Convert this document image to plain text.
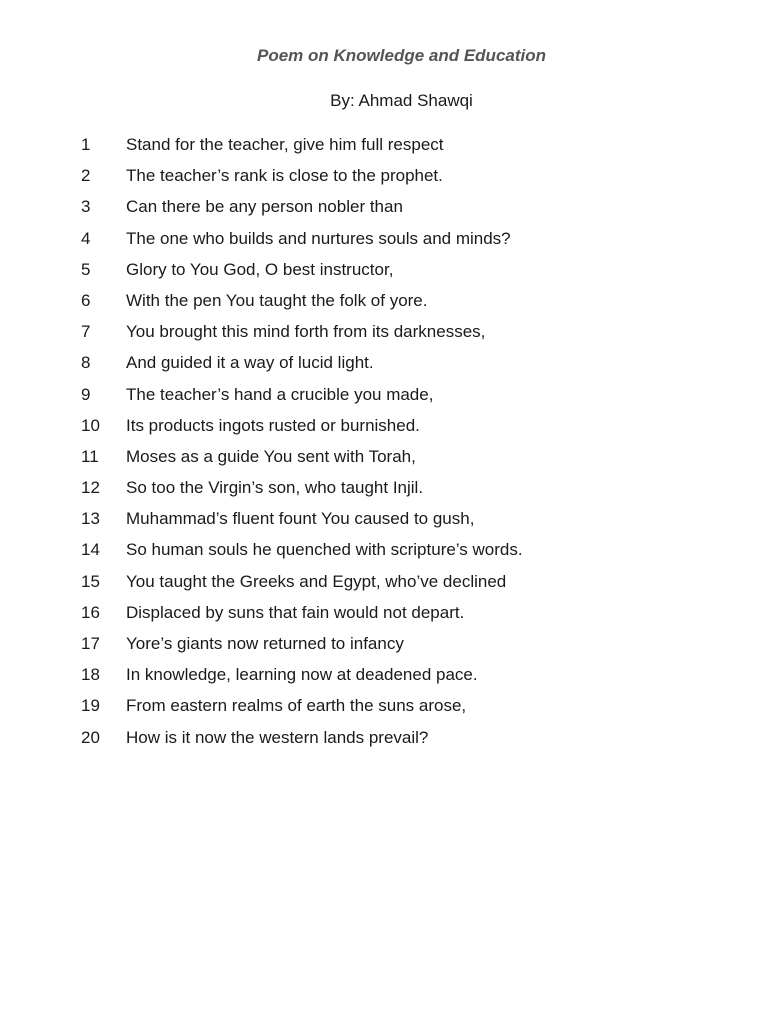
Poem on Knowledge and Education
By: Ahmad Shawqi
1 Stand for the teacher, give him full respect
2 The teacher’s rank is close to the prophet.
3 Can there be any person nobler than
4 The one who builds and nurtures souls and minds?
5 Glory to You God, O best instructor,
6 With the pen You taught the folk of yore.
7 You brought this mind forth from its darknesses,
8 And guided it a way of lucid light.
9 The teacher’s hand a crucible you made,
10 Its products ingots rusted or burnished.
11 Moses as a guide You sent with Torah,
12 So too the Virgin’s son, who taught Injil.
13 Muhammad’s fluent fount You caused to gush,
14 So human souls he quenched with scripture’s words.
15 You taught the Greeks and Egypt, who’ve declined
16 Displaced by suns that fain would not depart.
17 Yore’s giants now returned to infancy
18 In knowledge, learning now at deadened pace.
19 From eastern realms of earth the suns arose,
20 How is it now the western lands prevail?
